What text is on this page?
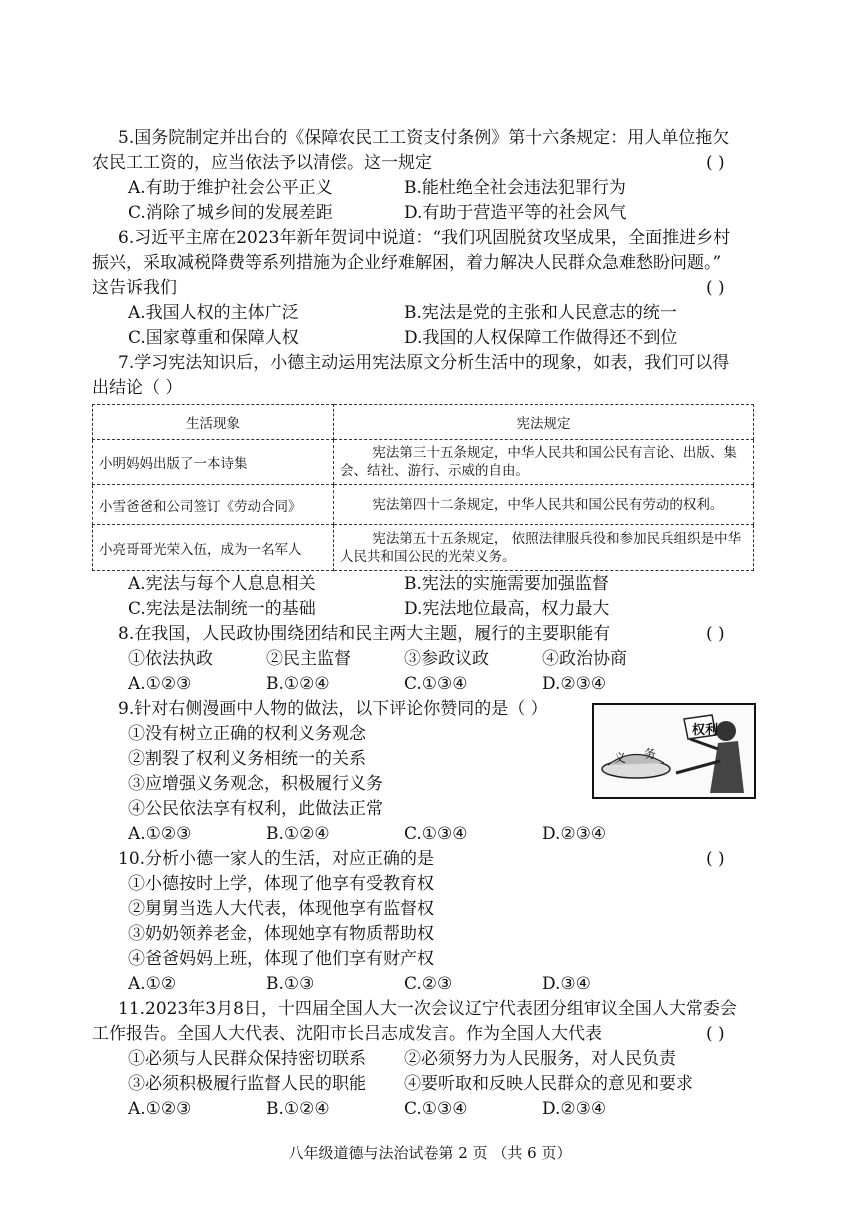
5.国务院制定并出台的《保障农民工工资支付条例》第十六条规定：用人单位拖欠
农民工工资的，应当依法予以清偿。这一规定	( )
A.有助于维护社会公平正义	B.能杜绝全社会违法犯罪行为
C.消除了城乡间的发展差距	D.有助于营造平等的社会风气
6.习近平主席在2023年新年贺词中说道：“我们巩固脱贫攻坚成果，全面推进乡村
振兴，采取减税降费等系列措施为企业纾难解困，着力解决人民群众急难愁盼问题。”
这告诉我们	( )
A.我国人权的主体广泛	B.宪法是党的主张和人民意志的统一
C.国家尊重和保障人权	D.我国的人权保障工作做得还不到位
7.学习宪法知识后，小德主动运用宪法原文分析生活中的现象，如表，我们可以得
出结论（ ）
生活现象	宪法规定
小明妈妈出版了一本诗集	宪法第三十五条规定，中华人民共和国公民有言论、出版、集会、结社、游行、示威的自由。
小雪爸爸和公司签订《劳动合同》	宪法第四十二条规定，中华人民共和国公民有劳动的权利。
小亮哥哥光荣入伍，成为一名军人	宪法第五十五条规定， 依照法律服兵役和参加民兵组织是中华人民共和国公民的光荣义务。
A.宪法与每个人息息相关	B.宪法的实施需要加强监督
C.宪法是法制统一的基础	D.宪法地位最高，权力最大
8.在我国，人民政协围绕团结和民主两大主题，履行的主要职能有	( )
①依法执政	②民主监督	③参政议政	④政治协商
A.①②③	B.①②④	C.①③④	D.②③④
9.针对右侧漫画中人物的做法，以下评论你赞同的是（ ）
①没有树立正确的权利义务观念
②割裂了权利义务相统一的关系
③应增强义务观念，积极履行义务
④公民依法享有权利，此做法正常
A.①②③	B.①②④	C.①③④	D.②③④
权利
义 务
10.分析小德一家人的生活，对应正确的是	( )
①小德按时上学，体现了他享有受教育权
②舅舅当选人大代表，体现他享有监督权
③奶奶领养老金，体现她享有物质帮助权
④爸爸妈妈上班，体现了他们享有财产权
A.①②	B.①③	C.②③	D.③④
11.2023年3月8日，十四届全国人大一次会议辽宁代表团分组审议全国人大常委会
工作报告。全国人大代表、沈阳市长吕志成发言。作为全国人大代表	( )
①必须与人民群众保持密切联系 ②必须努力为人民服务，对人民负责
③必须积极履行监督人民的职能 ④要听取和反映人民群众的意见和要求
A.①②③	B.①②④	C.①③④	D.②③④
八年级道德与法治试卷第 2 页 （共 6 页）
